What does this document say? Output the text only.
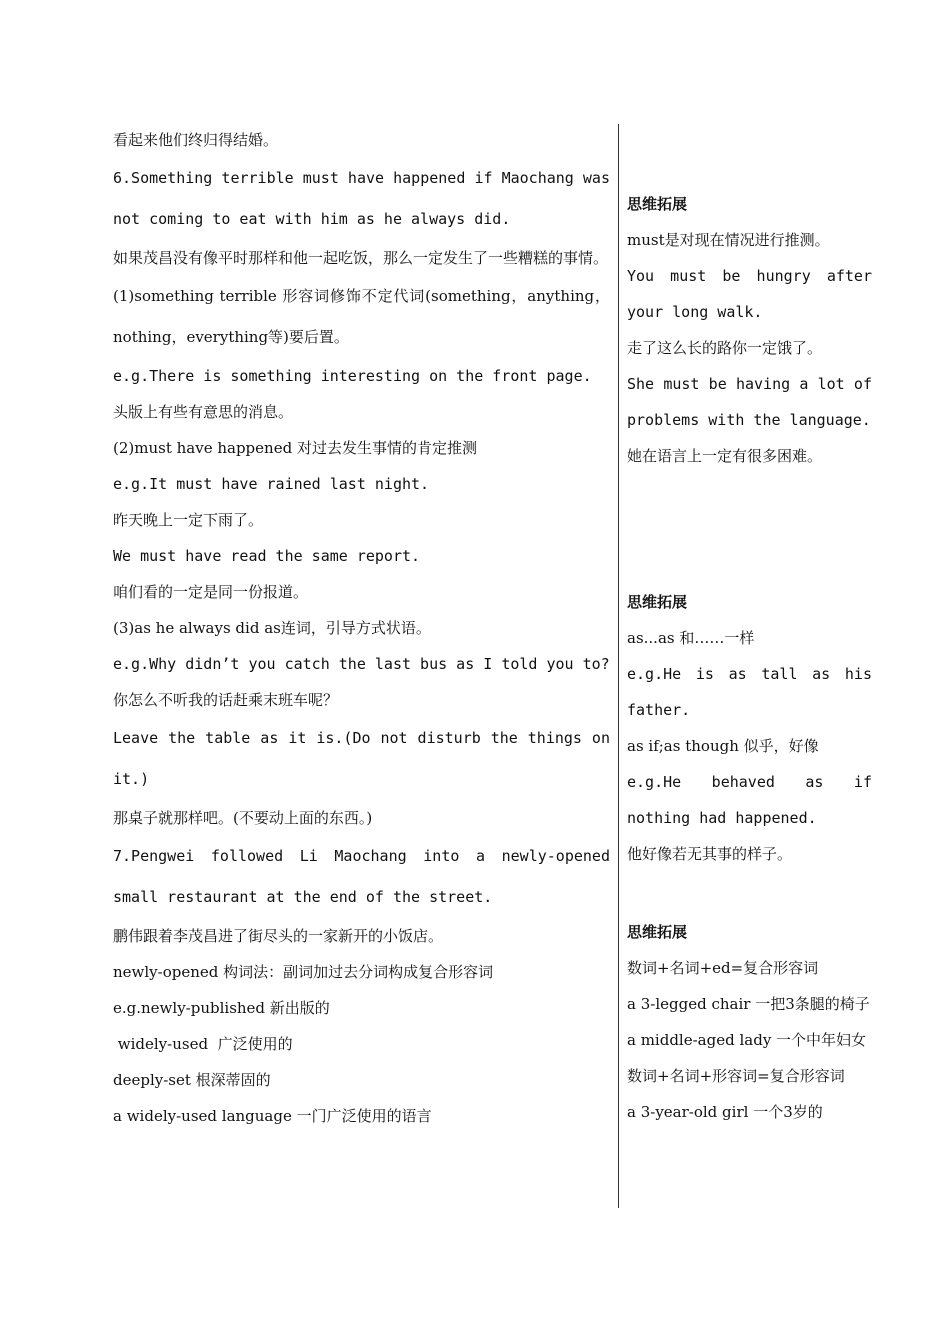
看起来他们终归得结婚。

6.Something terrible must have happened if Maochang was not coming to eat with him as he always did.

如果茂昌没有像平时那样和他一起吃饭，那么一定发生了一些糟糕的事情。

(1)something terrible 形容词修饰不定代词(something，anything，nothing，everything等)要后置。

e.g.There is something interesting on the front page.

头版上有些有意思的消息。

(2)must have happened 对过去发生事情的肯定推测

e.g.It must have rained last night.

昨天晚上一定下雨了。

We must have read the same report.

咱们看的一定是同一份报道。

(3)as he always did as连词，引导方式状语。

e.g.Why didn’t you catch the last bus as I told you to?

你怎么不听我的话赶乘末班车呢？

Leave the table as it is.(Do not disturb the things on it.)

那桌子就那样吧。(不要动上面的东西。)

7.Pengwei followed Li Maochang into a newly-opened small restaurant at the end of the street.

鹏伟跟着李茂昌进了街尽头的一家新开的小饭店。

newly-opened 构词法：副词加过去分词构成复合形容词

e.g.newly-published 新出版的

widely-used  广泛使用的

deeply-set 根深蒂固的

a widely-used language 一门广泛使用的语言

思维拓展

must是对现在情况进行推测。

You must be hungry after your long walk.

走了这么长的路你一定饿了。

She must be having a lot of problems with the language.

她在语言上一定有很多困难。

思维拓展

as...as 和……一样

e.g.He is as tall as his father.

as if;as though 似乎，好像

e.g.He behaved as if nothing had happened.

他好像若无其事的样子。

思维拓展

数词+名词+ed=复合形容词

a 3-legged chair 一把3条腿的椅子

a middle-aged lady 一个中年妇女

数词+名词+形容词=复合形容词

a 3-year-old girl 一个3岁的
